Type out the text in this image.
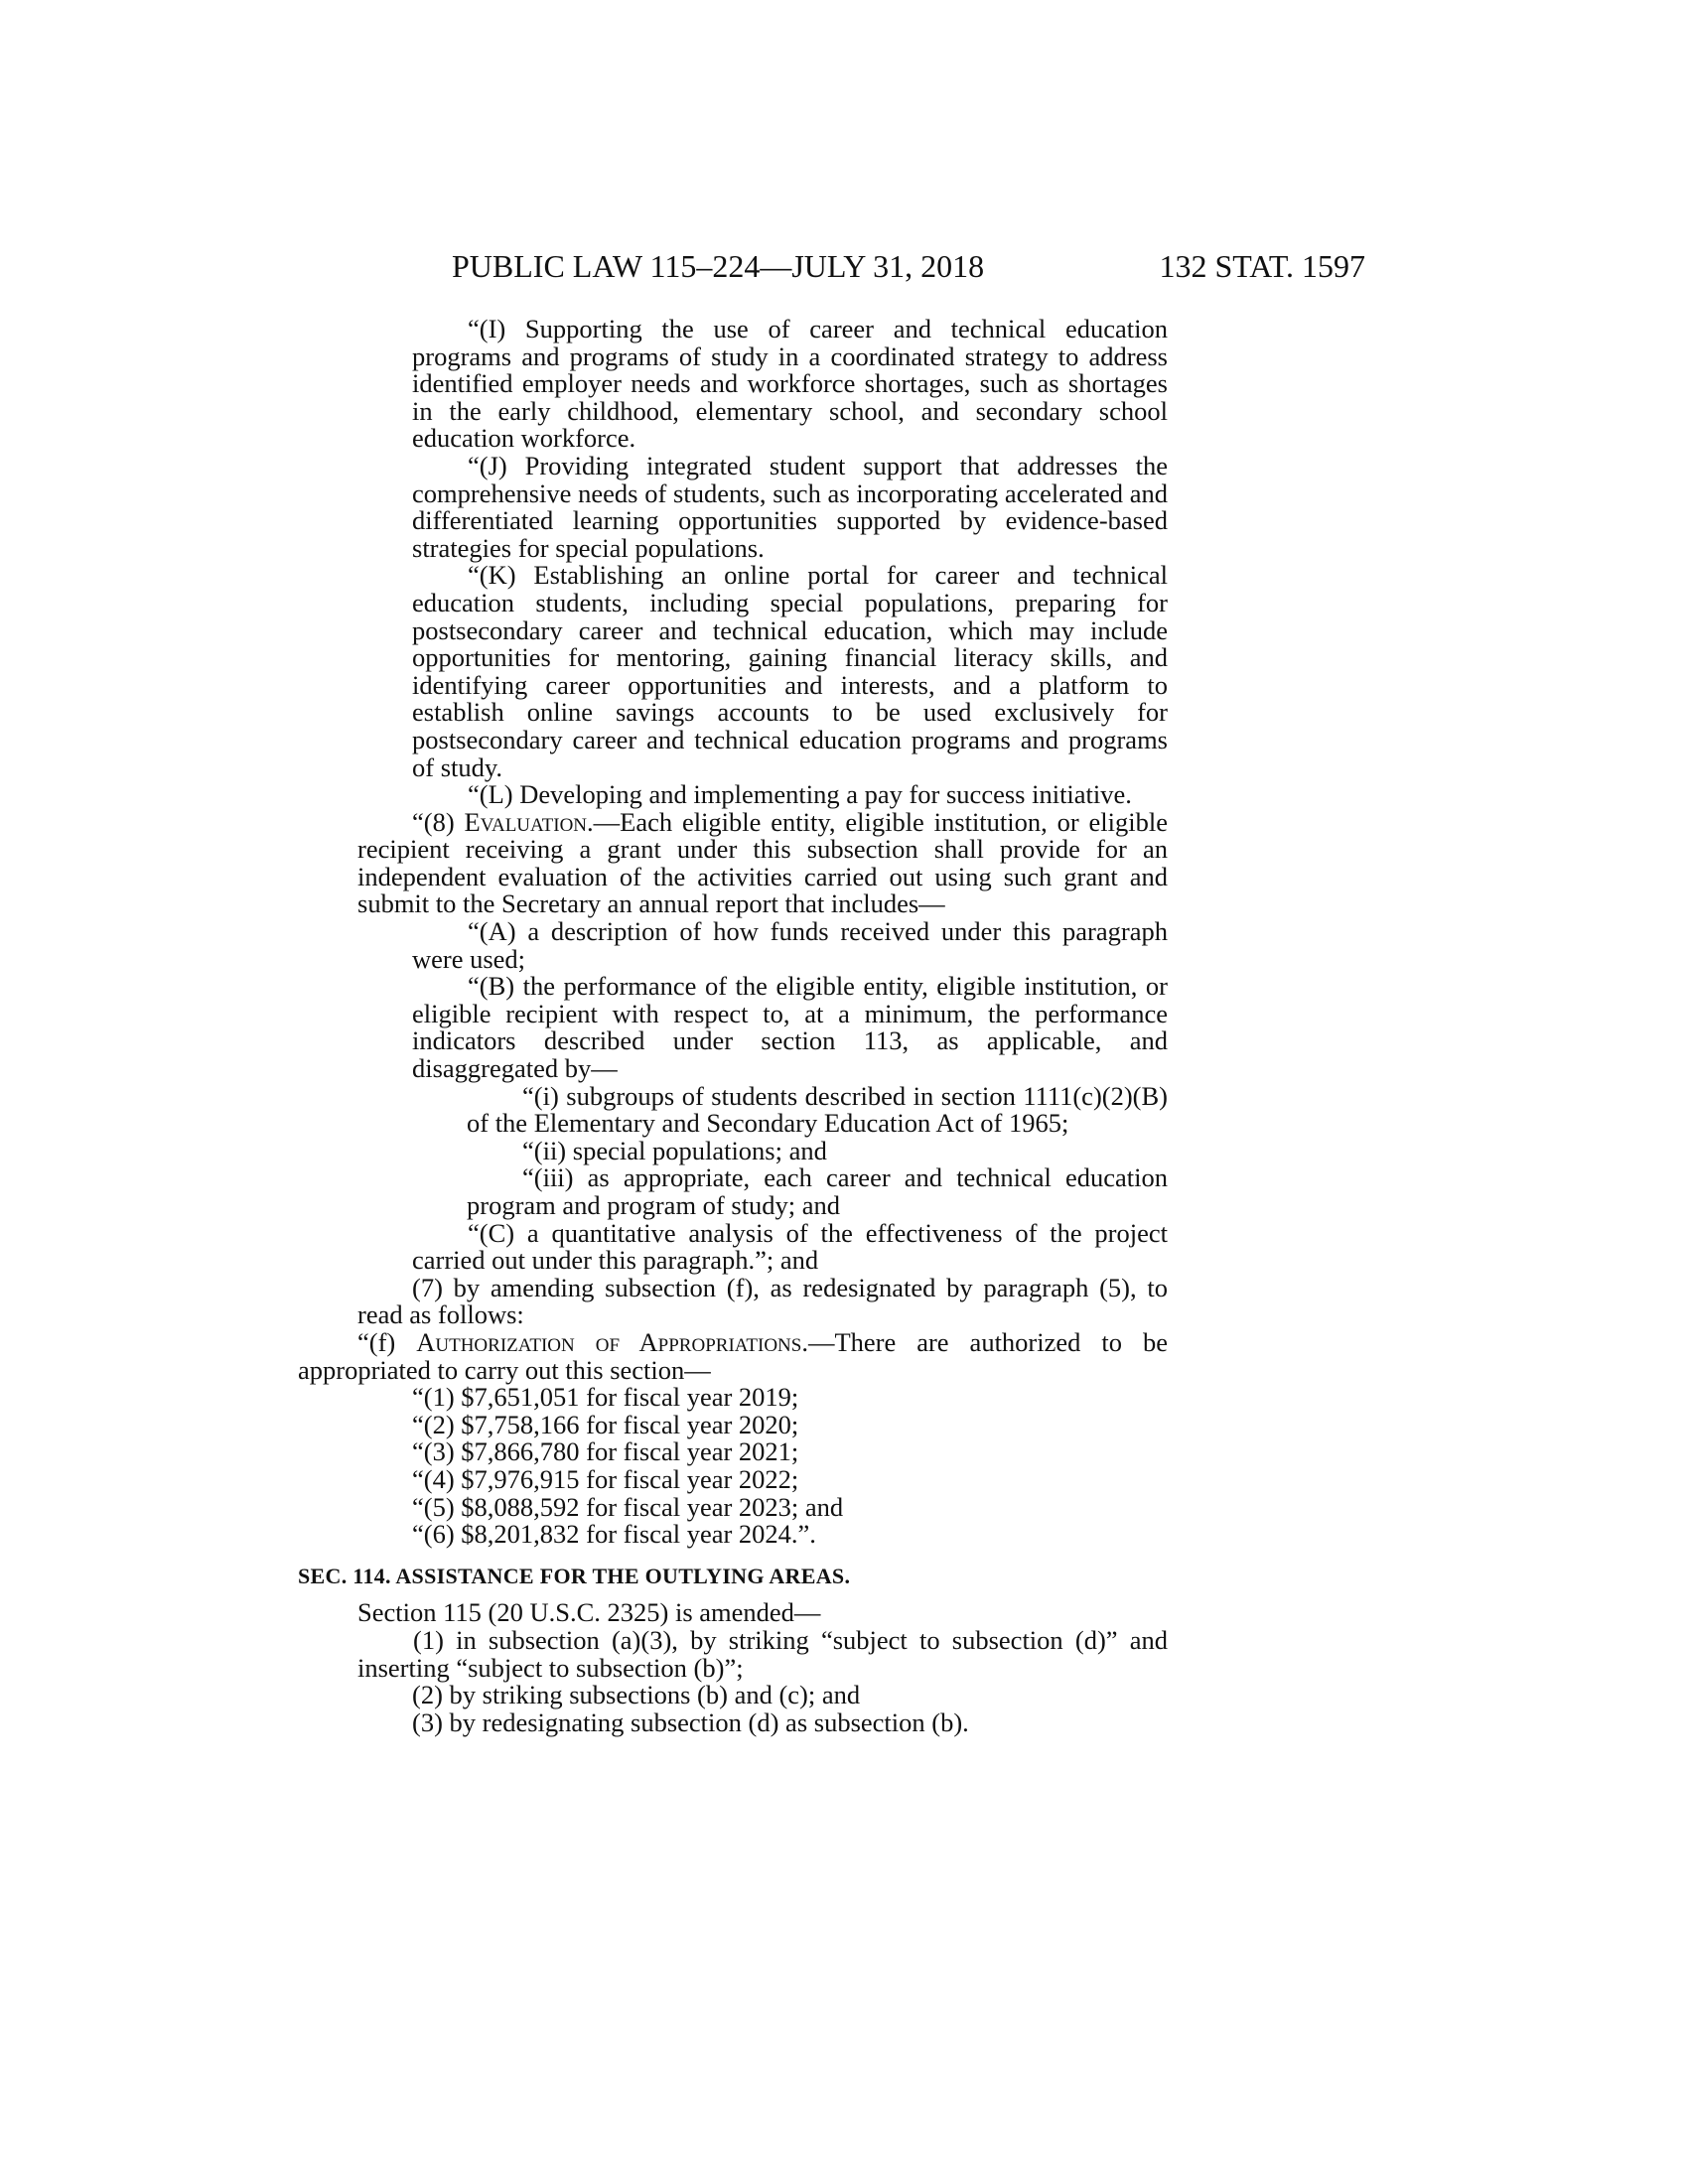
PUBLIC LAW 115–224—JULY 31, 2018	132 STAT. 1597

“(I) Supporting the use of career and technical education programs and programs of study in a coordinated strategy to address identified employer needs and workforce shortages, such as shortages in the early childhood, elementary school, and secondary school education workforce.

“(J) Providing integrated student support that addresses the comprehensive needs of students, such as incorporating accelerated and differentiated learning opportunities supported by evidence-based strategies for special populations.

“(K) Establishing an online portal for career and technical education students, including special populations, preparing for postsecondary career and technical education, which may include opportunities for mentoring, gaining financial literacy skills, and identifying career opportunities and interests, and a platform to establish online savings accounts to be used exclusively for postsecondary career and technical education programs and programs of study.

“(L) Developing and implementing a pay for success initiative.

“(8) Evaluation.—Each eligible entity, eligible institution, or eligible recipient receiving a grant under this subsection shall provide for an independent evaluation of the activities carried out using such grant and submit to the Secretary an annual report that includes—

“(A) a description of how funds received under this paragraph were used;

“(B) the performance of the eligible entity, eligible institution, or eligible recipient with respect to, at a minimum, the performance indicators described under section 113, as applicable, and disaggregated by—

“(i) subgroups of students described in section 1111(c)(2)(B) of the Elementary and Secondary Education Act of 1965;

“(ii) special populations; and

“(iii) as appropriate, each career and technical education program and program of study; and

“(C) a quantitative analysis of the effectiveness of the project carried out under this paragraph.”; and

(7) by amending subsection (f), as redesignated by paragraph (5), to read as follows:

“(f) Authorization of Appropriations.—There are authorized to be appropriated to carry out this section—

“(1) $7,651,051 for fiscal year 2019;

“(2) $7,758,166 for fiscal year 2020;

“(3) $7,866,780 for fiscal year 2021;

“(4) $7,976,915 for fiscal year 2022;

“(5) $8,088,592 for fiscal year 2023; and

“(6) $8,201,832 for fiscal year 2024.”.

SEC. 114. ASSISTANCE FOR THE OUTLYING AREAS.

Section 115 (20 U.S.C. 2325) is amended—

(1) in subsection (a)(3), by striking “subject to subsection (d)” and inserting “subject to subsection (b)”;

(2) by striking subsections (b) and (c); and

(3) by redesignating subsection (d) as subsection (b).
